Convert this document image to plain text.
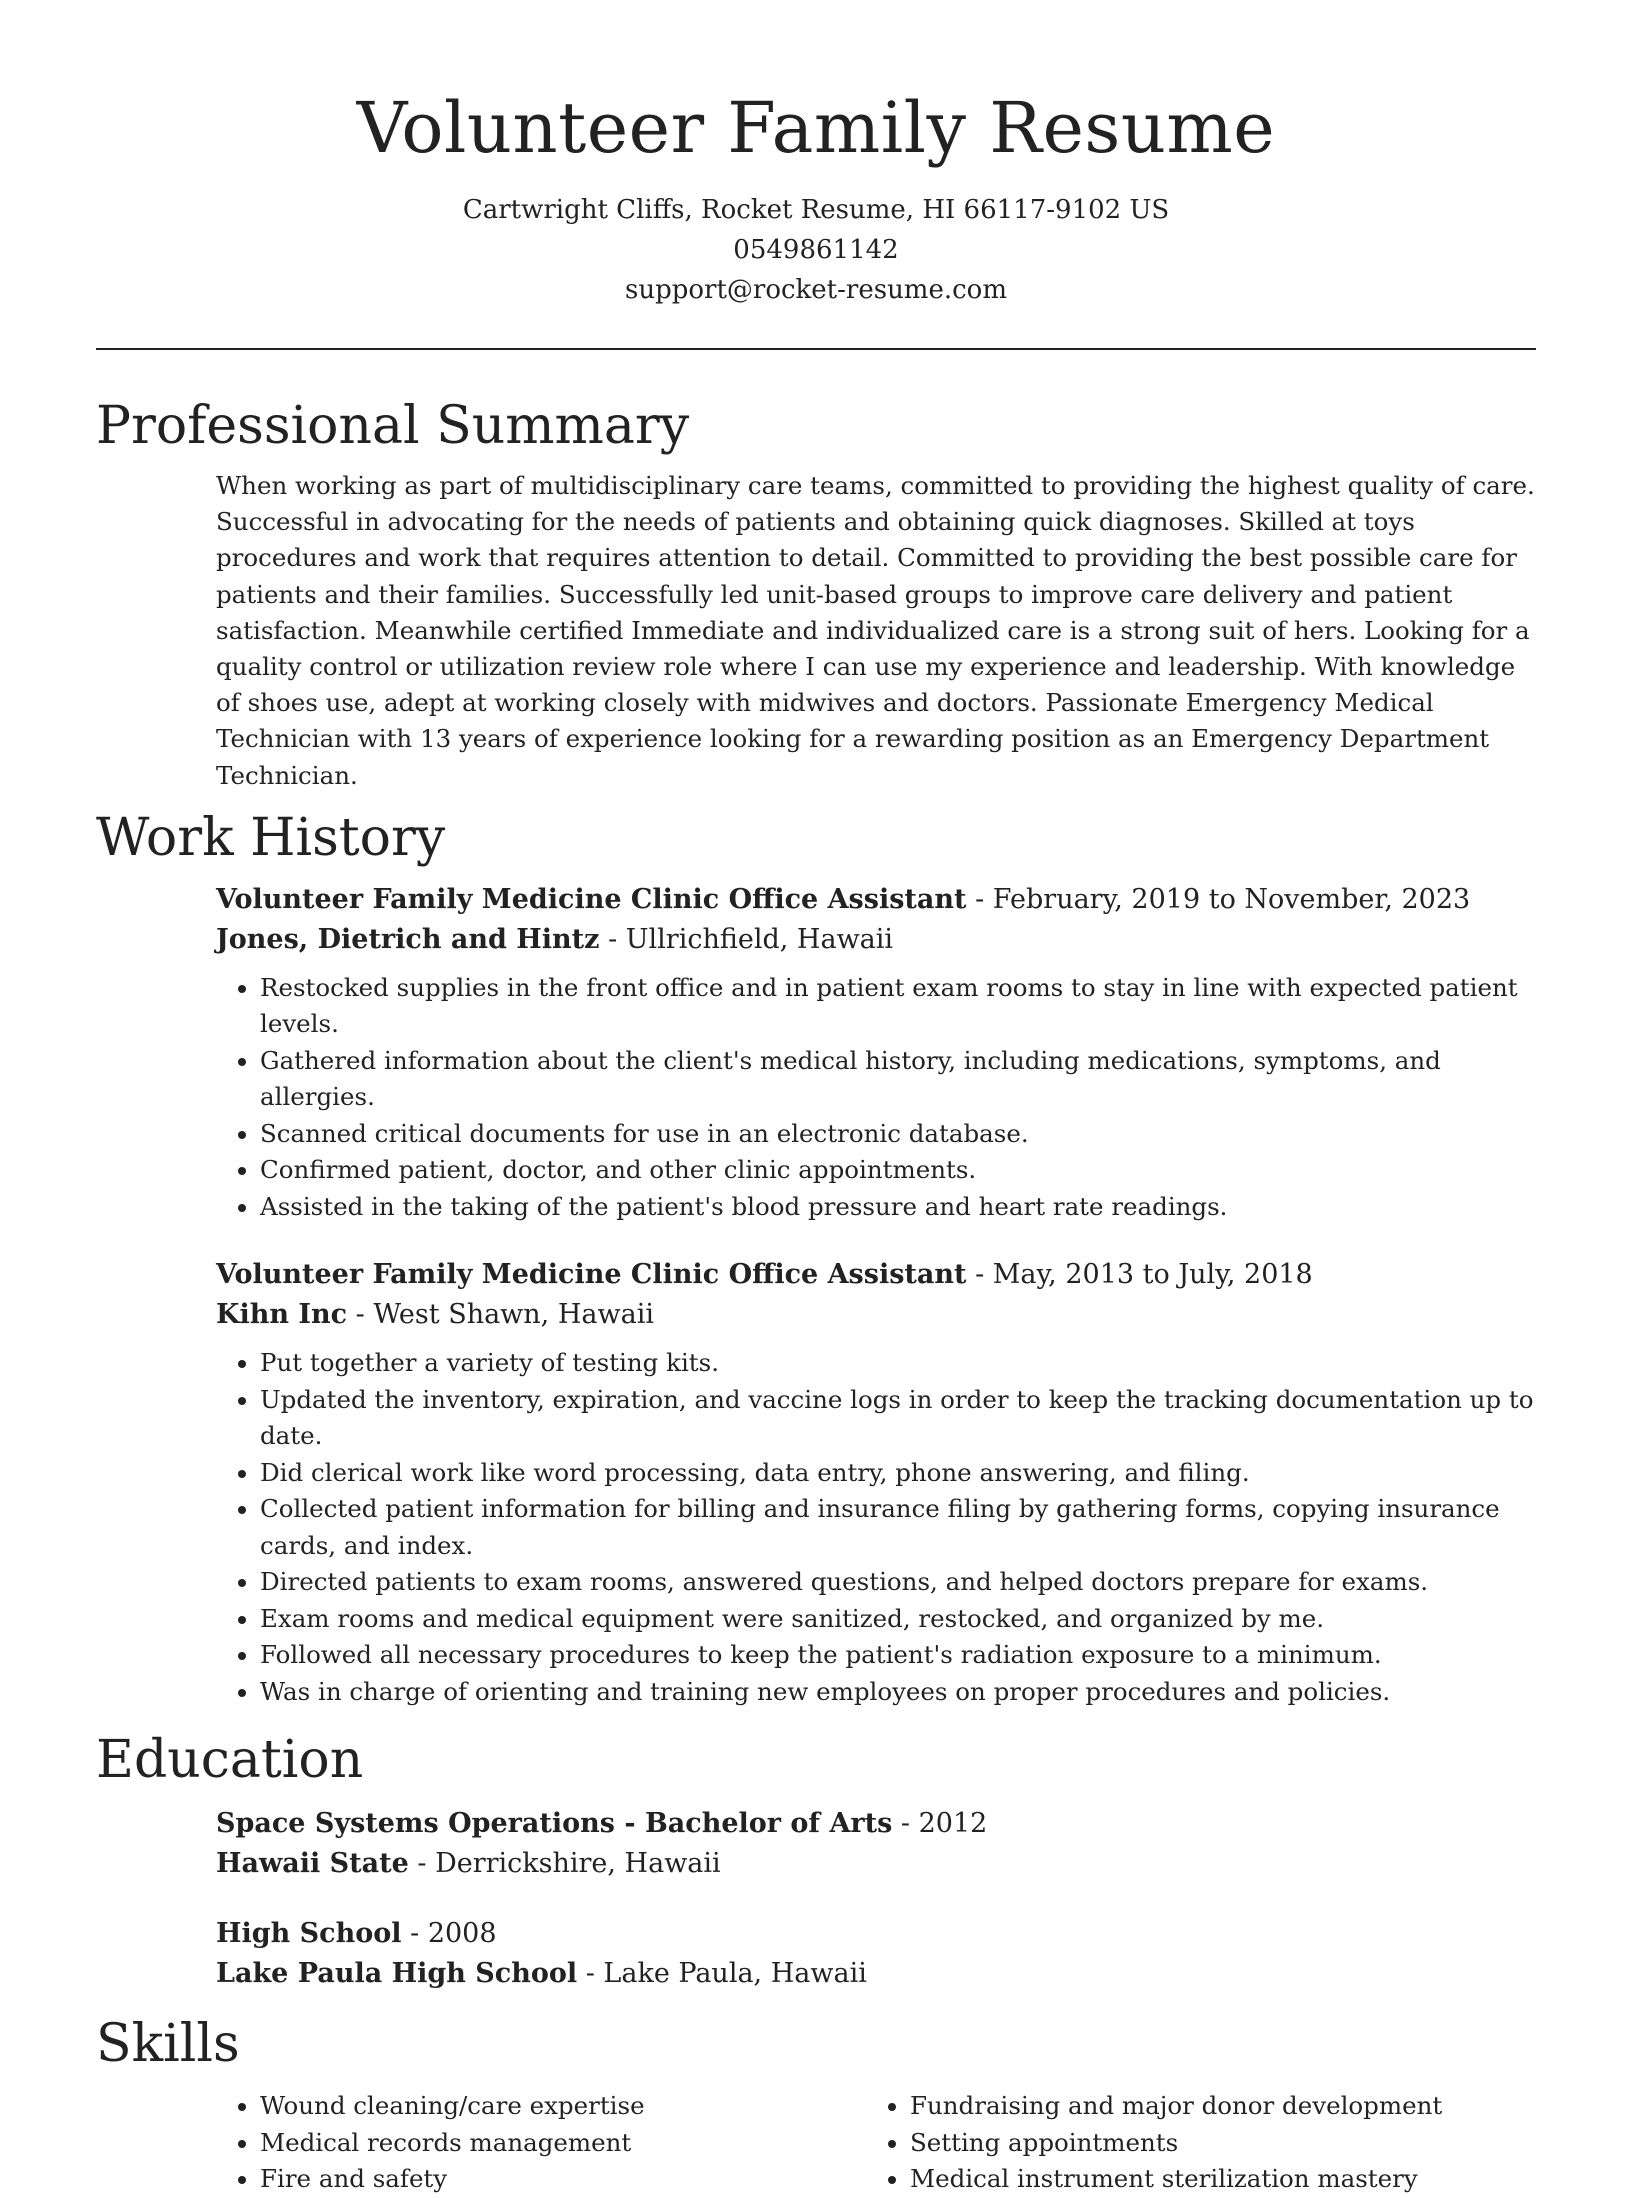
Volunteer Family Resume
Cartwright Cliffs, Rocket Resume, HI 66117-9102 US
0549861142
support@rocket-resume.com
Professional Summary

When working as part of multidisciplinary care teams, committed to providing the highest quality of care. Successful in advocating for the needs of patients and obtaining quick diagnoses. Skilled at toys procedures and work that requires attention to detail. Committed to providing the best possible care for patients and their families. Successfully led unit-based groups to improve care delivery and patient satisfaction. Meanwhile certified Immediate and individualized care is a strong suit of hers. Looking for a quality control or utilization review role where I can use my experience and leadership. With knowledge of shoes use, adept at working closely with midwives and doctors. Passionate Emergency Medical Technician with 13 years of experience looking for a rewarding position as an Emergency Department Technician.

Work History
Volunteer Family Medicine Clinic Office Assistant - February, 2019 to November, 2023
Jones, Dietrich and Hintz - Ullrichfield, Hawaii
• Restocked supplies in the front office and in patient exam rooms to stay in line with expected patient levels.
• Gathered information about the client's medical history, including medications, symptoms, and allergies.
• Scanned critical documents for use in an electronic database.
• Confirmed patient, doctor, and other clinic appointments.
• Assisted in the taking of the patient's blood pressure and heart rate readings.
Volunteer Family Medicine Clinic Office Assistant - May, 2013 to July, 2018
Kihn Inc - West Shawn, Hawaii
• Put together a variety of testing kits.
• Updated the inventory, expiration, and vaccine logs in order to keep the tracking documentation up to date.
• Did clerical work like word processing, data entry, phone answering, and filing.
• Collected patient information for billing and insurance filing by gathering forms, copying insurance cards, and index.
• Directed patients to exam rooms, answered questions, and helped doctors prepare for exams.
• Exam rooms and medical equipment were sanitized, restocked, and organized by me.
• Followed all necessary procedures to keep the patient's radiation exposure to a minimum.
• Was in charge of orienting and training new employees on proper procedures and policies.
Education
Space Systems Operations - Bachelor of Arts - 2012
Hawaii State - Derrickshire, Hawaii
High School - 2008
Lake Paula High School - Lake Paula, Hawaii
Skills
• Wound cleaning/care expertise
• Medical records management
• Fire and safety
• Fundraising and major donor development
• Setting appointments
• Medical instrument sterilization mastery
